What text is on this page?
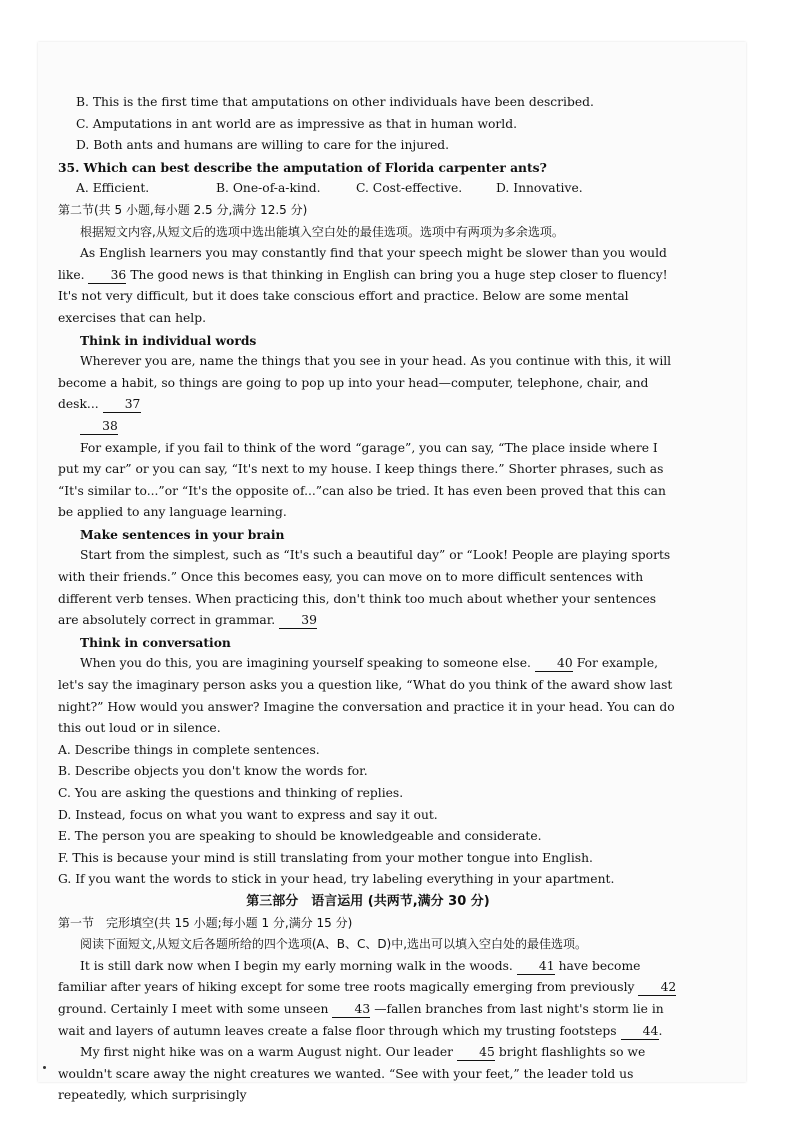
B. This is the first time that amputations on other individuals have been described.

C. Amputations in ant world are as impressive as that in human world.

D. Both ants and humans are willing to care for the injured.

35. Which can best describe the amputation of Florida carpenter ants?

A. Efficient.	B. One-of-a-kind.	C. Cost-effective.	D. Innovative.

第二节(共 5 小题,每小题 2.5 分,满分 12.5 分)

根据短文内容,从短文后的选项中选出能填入空白处的最佳选项。选项中有两项为多余选项。

As English learners you may constantly find that your speech might be slower than you would like. 36 The good news is that thinking in English can bring you a huge step closer to fluency! It's not very difficult, but it does take conscious effort and practice. Below are some mental exercises that can help.

Think in individual words

Wherever you are, name the things that you see in your head. As you continue with this, it will become a habit, so things are going to pop up into your head—computer, telephone, chair, and desk... 37

38

For example, if you fail to think of the word “garage”, you can say, “The place inside where I put my car” or you can say, “It's next to my house. I keep things there.” Shorter phrases, such as “It's similar to...”or “It's the opposite of...”can also be tried. It has even been proved that this can be applied to any language learning.

Make sentences in your brain

Start from the simplest, such as “It's such a beautiful day” or “Look! People are playing sports with their friends.” Once this becomes easy, you can move on to more difficult sentences with different verb tenses. When practicing this, don't think too much about whether your sentences are absolutely correct in grammar. 39

Think in conversation

When you do this, you are imagining yourself speaking to someone else. 40 For example, let's say the imaginary person asks you a question like, “What do you think of the award show last night?” How would you answer? Imagine the conversation and practice it in your head. You can do this out loud or in silence.

A. Describe things in complete sentences.

B. Describe objects you don't know the words for.

C. You are asking the questions and thinking of replies.

D. Instead, focus on what you want to express and say it out.

E. The person you are speaking to should be knowledgeable and considerate.

F. This is because your mind is still translating from your mother tongue into English.

G. If you want the words to stick in your head, try labeling everything in your apartment.

第三部分　语言运用 (共两节,满分 30 分)

第一节　完形填空(共 15 小题;每小题 1 分,满分 15 分)

阅读下面短文,从短文后各题所给的四个选项(A、B、C、D)中,选出可以填入空白处的最佳选项。

It is still dark now when I begin my early morning walk in the woods. 41 have become familiar after years of hiking except for some tree roots magically emerging from previously 42 ground. Certainly I meet with some unseen 43 —fallen branches from last night's storm lie in wait and layers of autumn leaves create a false floor through which my trusting footsteps 44.

My first night hike was on a warm August night. Our leader 45 bright flashlights so we wouldn't scare away the night creatures we wanted. “See with your feet,” the leader told us repeatedly, which surprisingly
